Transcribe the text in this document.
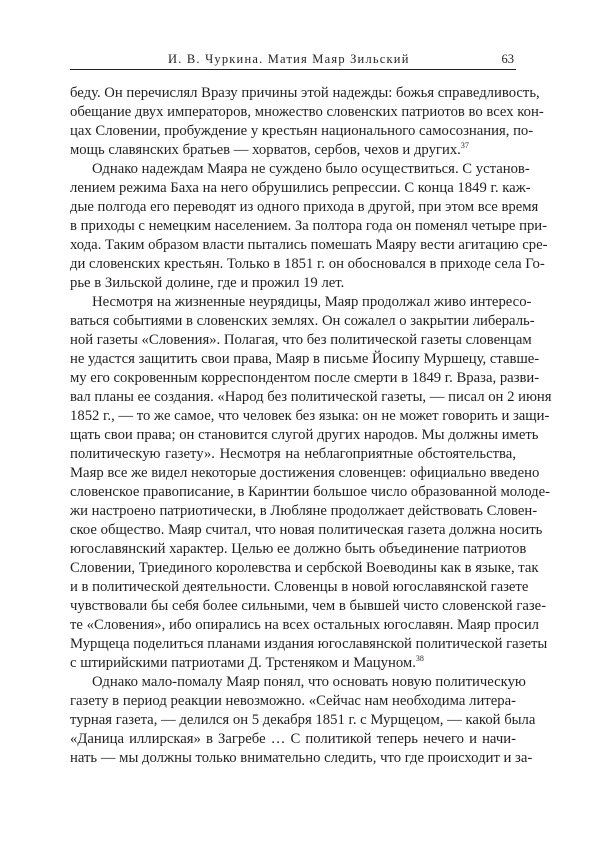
И. В. Чуркина. Матия Маяр Зильский	63
беду. Он перечислял Вразу причины этой надежды: божья справедливость,
обещание двух императоров, множество словенских патриотов во всех кон-
цах Словении, пробуждение у крестьян национального самосознания, по-
мощь славянских братьев — хорватов, сербов, чехов и других.$^{37}$
Однако надеждам Маяра не суждено было осуществиться. С установ-
лением режима Баха на него обрушились репрессии. С конца 1849 г. каж-
дые полгода его переводят из одного прихода в другой, при этом все время
в приходы с немецким населением. За полтора года он поменял четыре при-
хода. Таким образом власти пытались помешать Маяру вести агитацию сре-
ди словенских крестьян. Только в 1851 г. он обосновался в приходе села Го-
рье в Зильской долине, где и прожил 19 лет.
Несмотря на жизненные неурядицы, Маяр продолжал живо интересо-
ваться событиями в словенских землях. Он сожалел о закрытии либераль-
ной газеты «Словения». Полагая, что без политической газеты словенцам
не удастся защитить свои права, Маяр в письме Йосипу Муршецу, ставше-
му его сокровенным корреспондентом после смерти в 1849 г. Враза, разви-
вал планы ее создания. «Народ без политической газеты, — писал он 2 июня
1852 г., — то же самое, что человек без языка: он не может говорить и защи-
щать свои права; он становится слугой других народов. Мы должны иметь
политическую газету». Несмотря на неблагоприятные обстоятельства,
Маяр все же видел некоторые достижения словенцев: официально введено
словенское правописание, в Каринтии большое число образованной молоде-
жи настроено патриотически, в Любляне продолжает действовать Словен-
ское общество. Маяр считал, что новая политическая газета должна носить
югославянский характер. Целью ее должно быть объединение патриотов
Словении, Триединого королевства и сербской Воеводины как в языке, так
и в политической деятельности. Словенцы в новой югославянской газете
чувствовали бы себя более сильными, чем в бывшей чисто словенской газе-
те «Словения», ибо опирались на всех остальных югославян. Маяр просил
Мурщеца поделиться планами издания югославянской политической газеты
с штирийскими патриотами Д. Трстеняком и Мацуном.$^{38}$
Однако мало-помалу Маяр понял, что основать новую политическую
газету в период реакции невозможно. «Сейчас нам необходима литера-
турная газета, — делился он 5 декабря 1851 г. с Мурщецом, — какой была
«Даница иллирская» в Загребе … С политикой теперь нечего и начи-
нать — мы должны только внимательно следить, что где происходит и за-
